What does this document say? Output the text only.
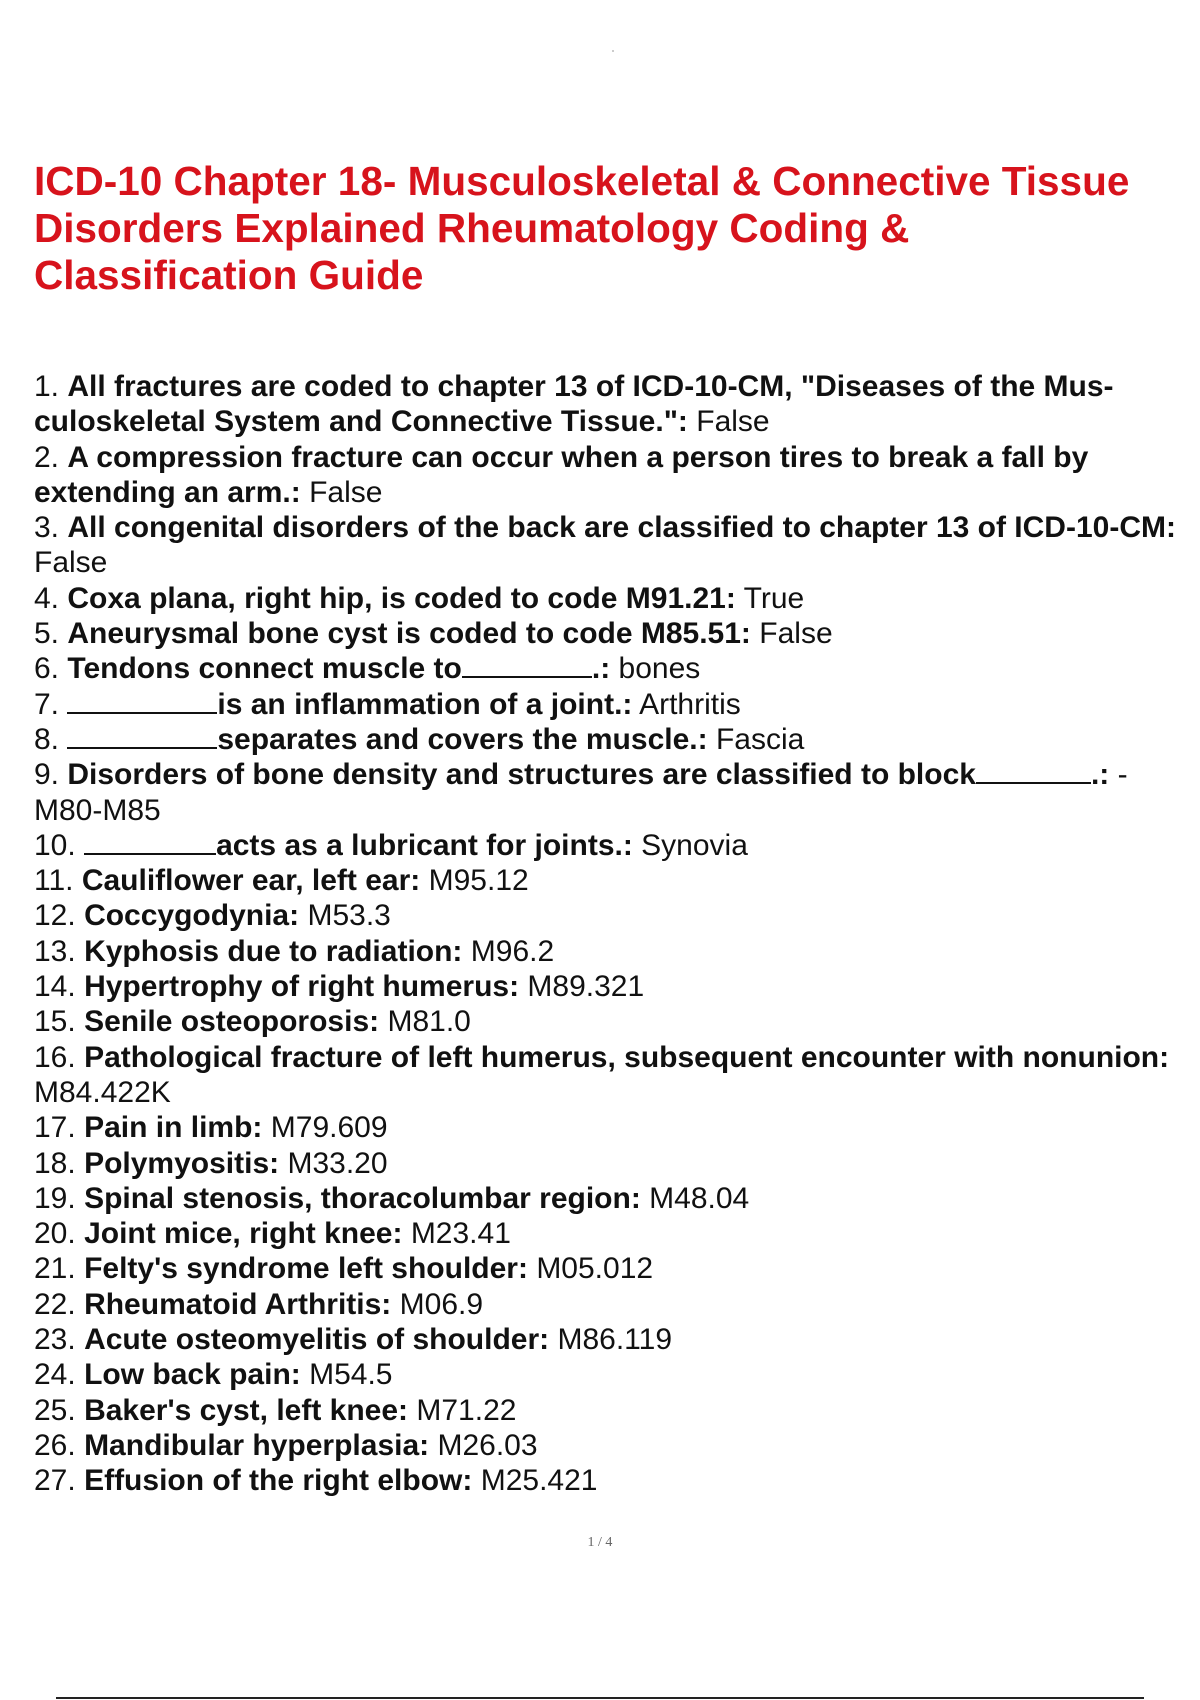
ICD-10 Chapter 18- Musculoskeletal & Connective Tissue Disorders Explained Rheumatology Coding & Classification Guide
1. All fractures are coded to chapter 13 of ICD-10-CM, "Diseases of the Mus-culoskeletal System and Connective Tissue.": False
2. A compression fracture can occur when a person tires to break a fall by extending an arm.: False
3. All congenital disorders of the back are classified to chapter 13 of ICD-10-CM: False
4. Coxa plana, right hip, is coded to code M91.21: True
5. Aneurysmal bone cyst is coded to code M85.51: False
6. Tendons connect muscle to	.: bones
7.	is an inflammation of a joint.: Arthritis
8.	separates and covers the muscle.: Fascia
9. Disorders of bone density and structures are classified to block	.: - M80-M85
10.	acts as a lubricant for joints.: Synovia
11. Cauliflower ear, left ear: M95.12
12. Coccygodynia: M53.3
13. Kyphosis due to radiation: M96.2
14. Hypertrophy of right humerus: M89.321
15. Senile osteoporosis: M81.0
16. Pathological fracture of left humerus, subsequent encounter with nonunion: M84.422K
17. Pain in limb: M79.609
18. Polymyositis: M33.20
19. Spinal stenosis, thoracolumbar region: M48.04
20. Joint mice, right knee: M23.41
21. Felty's syndrome left shoulder: M05.012
22. Rheumatoid Arthritis: M06.9
23. Acute osteomyelitis of shoulder: M86.119
24. Low back pain: M54.5
25. Baker's cyst, left knee: M71.22
26. Mandibular hyperplasia: M26.03
27. Effusion of the right elbow: M25.421
1 / 4
